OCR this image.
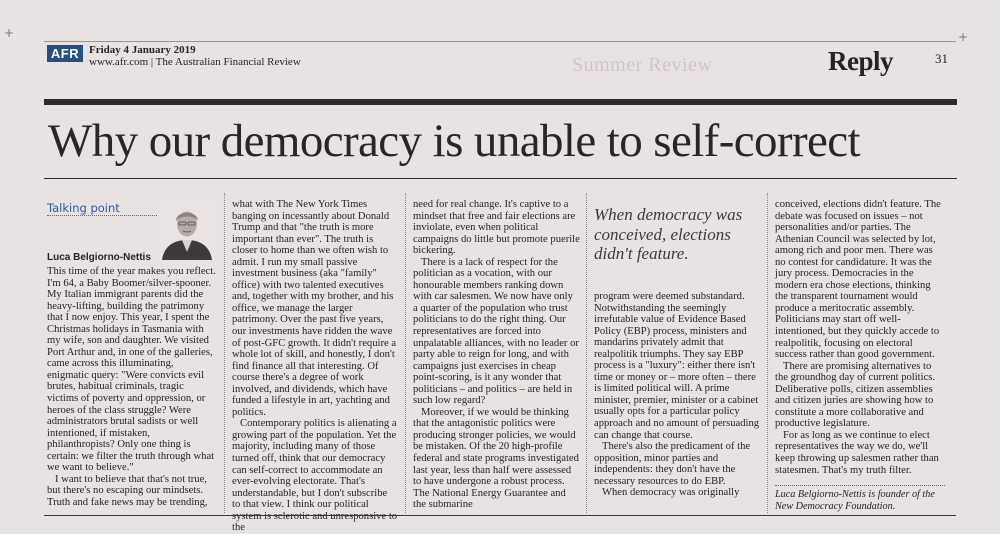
+	+
AFR Friday 4 January 2019
www.afr.com | The Australian Financial Review	Summer Review	Reply	31
Why our democracy is unable to self-correct
Talking point
Luca Belgiorno-Nettis

This time of the year makes you reflect. I'm 64, a Baby Boomer/silver-spooner. My Italian immigrant parents did the heavy-lifting, building the patrimony that I now enjoy. This year, I spent the Christmas holidays in Tasmania with my wife, son and daughter. We visited Port Arthur and, in one of the galleries, came across this illuminating, enigmatic query: "Were convicts evil brutes, habitual criminals, tragic victims of poverty and oppression, or heroes of the class struggle? Were administrators brutal sadists or well intentioned, if mistaken, philanthropists? Only one thing is certain: we filter the truth through what we want to believe."

I want to believe that that's not true, but there's no escaping our mindsets. Truth and fake news may be trending,

what with The New York Times banging on incessantly about Donald Trump and that "the truth is more important than ever". The truth is closer to home than we often wish to admit. I run my small passive investment business (aka "family" office) with two talented executives and, together with my brother, and his office, we manage the larger patrimony. Over the past five years, our investments have ridden the wave of post-GFC growth. It didn't require a whole lot of skill, and honestly, I don't find finance all that interesting. Of course there's a degree of work involved, and dividends, which have funded a lifestyle in art, yachting and politics.

Contemporary politics is alienating a growing part of the population. Yet the majority, including many of those turned off, think that our democracy can self-correct to accommodate an ever-evolving electorate. That's understandable, but I don't subscribe to that view. I think our political system is sclerotic and unresponsive to the

need for real change. It's captive to a mindset that free and fair elections are inviolate, even when political campaigns do little but promote puerile bickering.

There is a lack of respect for the politician as a vocation, with our honourable members ranking down with car salesmen. We now have only a quarter of the population who trust politicians to do the right thing. Our representatives are forced into unpalatable alliances, with no leader or party able to reign for long, and with campaigns just exercises in cheap point-scoring, is it any wonder that politicians – and politics – are held in such low regard?

Moreover, if we would be thinking that the antagonistic politics were producing stronger policies, we would be mistaken. Of the 20 high-profile federal and state programs investigated last year, less than half were assessed to have undergone a robust process. The National Energy Guarantee and the submarine

When democracy was conceived, elections didn't feature.

program were deemed substandard. Notwithstanding the seemingly irrefutable value of Evidence Based Policy (EBP) process, ministers and mandarins privately admit that realpolitik triumphs. They say EBP process is a "luxury": either there isn't time or money or – more often – there is limited political will. A prime minister, premier, minister or a cabinet usually opts for a particular policy approach and no amount of persuading can change that course.

There's also the predicament of the opposition, minor parties and independents: they don't have the necessary resources to do EBP.

When democracy was originally

conceived, elections didn't feature. The debate was focused on issues – not personalities and/or parties. The Athenian Council was selected by lot, among rich and poor men. There was no contest for candidature. It was the jury process. Democracies in the modern era chose elections, thinking the transparent tournament would produce a meritocratic assembly. Politicians may start off well-intentioned, but they quickly accede to realpolitik, focusing on electoral success rather than good government.

There are promising alternatives to the groundhog day of current politics. Deliberative polls, citizen assemblies and citizen juries are showing how to constitute a more collaborative and productive legislature.

For as long as we continue to elect representatives the way we do, we'll keep throwing up salesmen rather than statesmen. That's my truth filter.

Luca Belgiorno-Nettis is founder of the New Democracy Foundation.
